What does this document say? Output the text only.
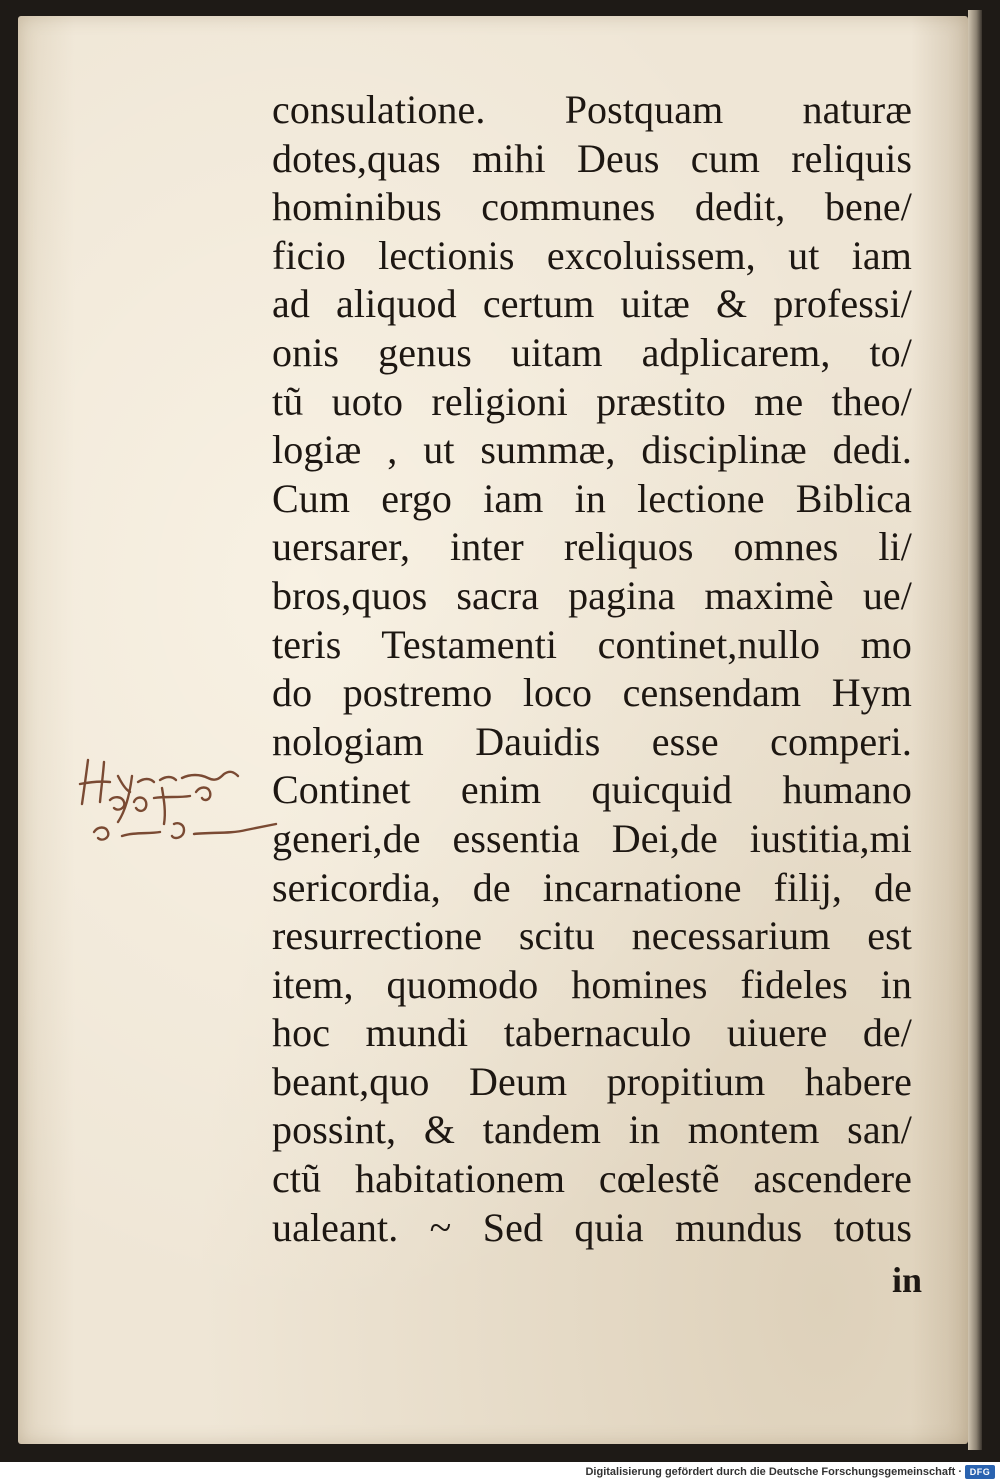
consulatione. Postquam naturæ
dotes,quas mihi Deus cum reliquis
hominibus communes dedit, bene/
ficio lectionis excoluissem, ut iam
ad aliquod certum uitæ & professi/
onis genus uitam adplicarem, to/
tũ uoto religioni præstito me theo/
logiæ , ut summæ, disciplinæ dedi.
Cum ergo iam in lectione Biblica
uersarer, inter reliquos omnes li/
bros,quos sacra pagina maximè ue/
teris Testamenti continet,nullo mo
do postremo loco censendam Hym
nologiam Dauidis esse comperi.
Continet enim quicquid humano
generi,de essentia Dei,de iustitia,mi
sericordia, de incarnatione filij, de
resurrectione scitu necessarium est
item, quomodo homines fideles in
hoc mundi tabernaculo uiuere de/
beant,quo Deum propitium habere
possint, & tandem in montem san/
ctũ habitationem cœlestẽ ascendere
ualeant. ~ Sed quia mundus totus
in
Digitalisierung gefördert durch die Deutsche Forschungsgemeinschaft · DFG
